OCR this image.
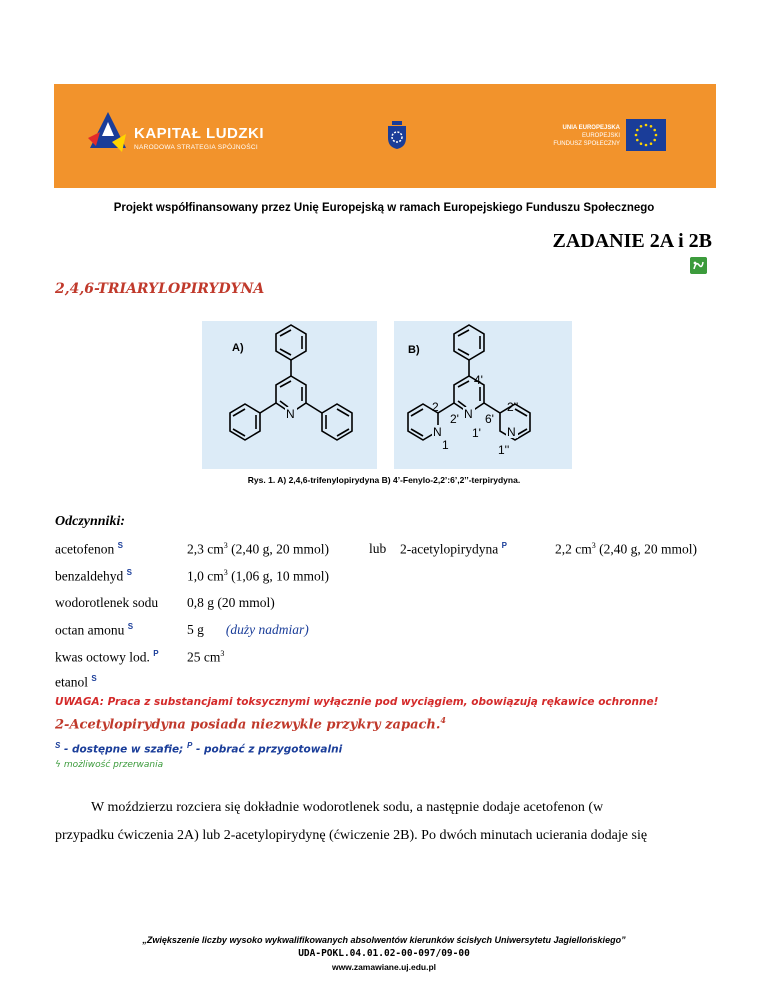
KAPITAŁ LUDZKI
NARODOWA STRATEGIA SPÓJNOŚCI
UNIA EUROPEJSKA
EUROPEJSKI
FUNDUSZ SPOŁECZNY
Projekt współfinansowany przez Unię Europejską w ramach Europejskiego Funduszu Społecznego
ZADANIE 2A i 2B
2,4,6-TRIARYLOPIRYDYNA
A)
N
B)
4'
2
2' N 6'
2''
1'
N
1
N
1''
Rys. 1. A) 2,4,6-trifenylopirydyna B) 4’-Fenylo-2,2’:6’,2’’-terpirydyna.
Odczynniki:
acetofenon $^S$	2,3 $cm^3$ (2,40 g, 20 mmol)	lub 2-acetylopirydyna $^P$	2,2 $cm^3$ (2,40 g, 20 mmol)
benzaldehyd $^S$	1,0 $cm^3$ (1,06 g, 10 mmol)
wodorotlenek sodu 0,8 g (20 mmol)
octan amonu $^S$	5 g (duży nadmiar)
kwas octowy lod. $^P$ 25 $cm^3$
etanol $^S$
UWAGA: Praca z substancjami toksycznymi wyłącznie pod wyciągiem, obowiązują rękawice ochronne!
2-Acetylopirydyna posiada niezwykle przykry zapach.$^4$
$^S$ - dostępne w szafie; $^P$ - pobrać z przygotowalni
ϟ możliwość przerwania
W moździerzu rozciera się dokładnie wodorotlenek sodu, a następnie dodaje acetofenon (w
przypadku ćwiczenia 2A) lub 2-acetylopirydynę (ćwiczenie 2B). Po dwóch minutach ucierania dodaje się
„Zwiększenie liczby wysoko wykwalifikowanych absolwentów kierunków ścisłych Uniwersytetu Jagiellońskiego”
UDA-POKL.04.01.02-00-097/09-00
www.zamawiane.uj.edu.pl
